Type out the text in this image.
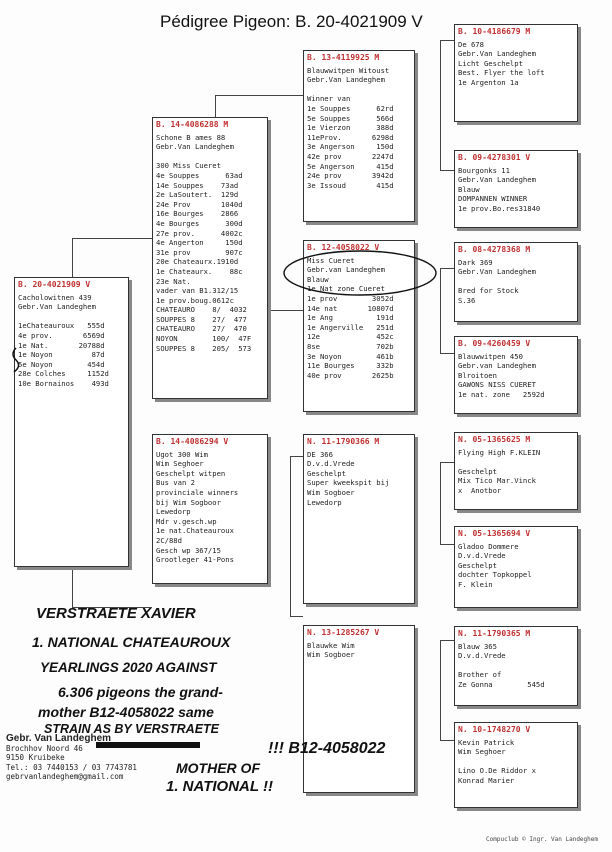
Pédigree Pigeon: B. 20-4021909 V
B. 20-4021909 V
Cacholowitnen 439
Gebr.Van Landeghem

1eChateauroux   555d
4e prov.       6569d
1e Nat.       20788d
1e Noyon         87d
5e Noyon        454d
28e Colches     1152d
10e Bornainos    493d
B. 14-4086288 M
Schone B ames 88
Gebr.Van Landeghem

300 Miss Cueret
4e Souppes      63ad
14e Souppes    73ad
2e LaSoutert.  129d
24e Prov       1040d
16e Bourges    2866
4e Bourges      300d
27e prov.      4002c
4e Angerton     150d
31e prov        907c
20e Chateaurx.1910d
1e Chateaurx.    88c
23e Nat.
vader van B1.312/15
1e prov.boug.0612c
CHATEAURO    8/  4032
SOUPPES 8    27/  477
CHATEAURO    27/  470
NOYON        100/  47F
SOUPPES 8    205/  573
B. 14-4086294 V
Ugot 300 Wim
Wim Seghoer
Geschelpt witpen
Bus van 2
provinciale winners
bij Wim Sogboor
Lewedorp
Mdr v.gesch.wp
1e nat.Chateauroux
2C/88d
Gesch wp 367/15
Grootleger 41-Pons
B. 13-4119925 M
Blauwwitpen Witoust
Gebr.Van Landeghem

Winner van
1e Souppes      62rd
5e Souppes      566d
1e Vierzon      388d
11eProv.       6298d
3e Angerson     150d
42e prov       2247d
5e Angerson     415d
24e prov       3942d
3e Issoud       415d
B. 12-4058022 V
Miss Cueret
Gebr.van Landeghem
Blauw
1e Nat zone Cueret
1e prov        3052d
14e nat       10807d
1e Ang          191d
1e Angerville   251d
12e             452c
8se             702b
3e Noyon        461b
11e Bourges     332b
40e prov       2625b
N. 11-1790366 M
DE 366
D.v.d.Vrede
Geschelpt
Super kweekspit bij
Wim Sogboer
Lewedorp
N. 13-1285267 V
Blauwke Wim
Wim Sogboer
B. 10-4186679 M
De 678
Gebr.Van Landeghem
Licht Geschelpt
Best. Flyer the loft
1e Argenton 1a
B. 09-4278301 V
Bourgonks 11
Gebr.Van Landeghem
Blauw
DOMPANNEN WINNER
1e prov.Bo.res31840
B. 08-4278368 M
Dark 369
Gebr.Van Landeghem

Bred for Stock
S.36
B. 09-4260459 V
Blauwwitpen 450
Gebr.van Landeghem
Blroitoen
GAWONS NISS CUERET
1e nat. zone   2592d
N. 05-1365625 M
Flying High F.KLEIN

Geschelpt
Mix Tico Mar.Vinck
x  Anotbor
N. 05-1365694 V
Gladoo Dommere
D.v.d.Vrede
Geschelpt
dochter Topkoppel
F. Klein
N. 11-1790365 M
Blauw 365
D.v.d.Vrede

Brother of
Ze Gonna        545d
N. 10-1748270 V
Kevin Patrick
Wim Seghoer

Lino O.De Riddor x
Konrad Marier
VERSTRAETE XAVIER
1. NATIONAL CHATEAUROUX
YEARLINGS 2020 AGAINST
6.306 pigeons the grand-
mother B12-4058022 same
STRAIN AS BY VERSTRAETE
!!! B12-4058022
MOTHER OF
1. NATIONAL !!
Gebr. Van Landeghem
Brochhov Noord 46
9150 Kruibeke
Tel.: 03 7440153 / 03 7743781
gebrvanlandeghem@gmail.com
Compuclub © Ingr. Van Landeghem
